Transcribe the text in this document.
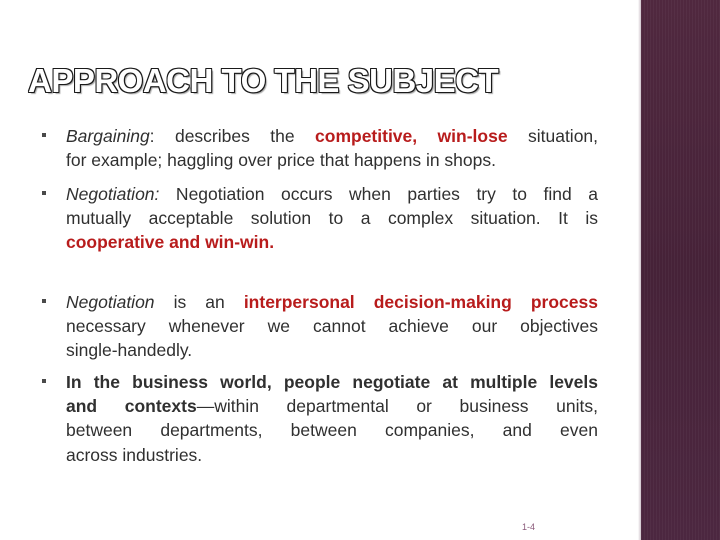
APPROACH TO THE SUBJECT
Bargaining: describes the competitive, win-lose situation,
for example; haggling over price that happens in shops.
Negotiation: Negotiation occurs when parties try to find a
mutually acceptable solution to a complex situation. It is
cooperative and win-win.
Negotiation is an interpersonal decision-making process
necessary whenever we cannot achieve our objectives
single-handedly.
In the business world, people negotiate at multiple levels
and contexts—within departmental or business units,
between departments, between companies, and even
across industries.
1-4
